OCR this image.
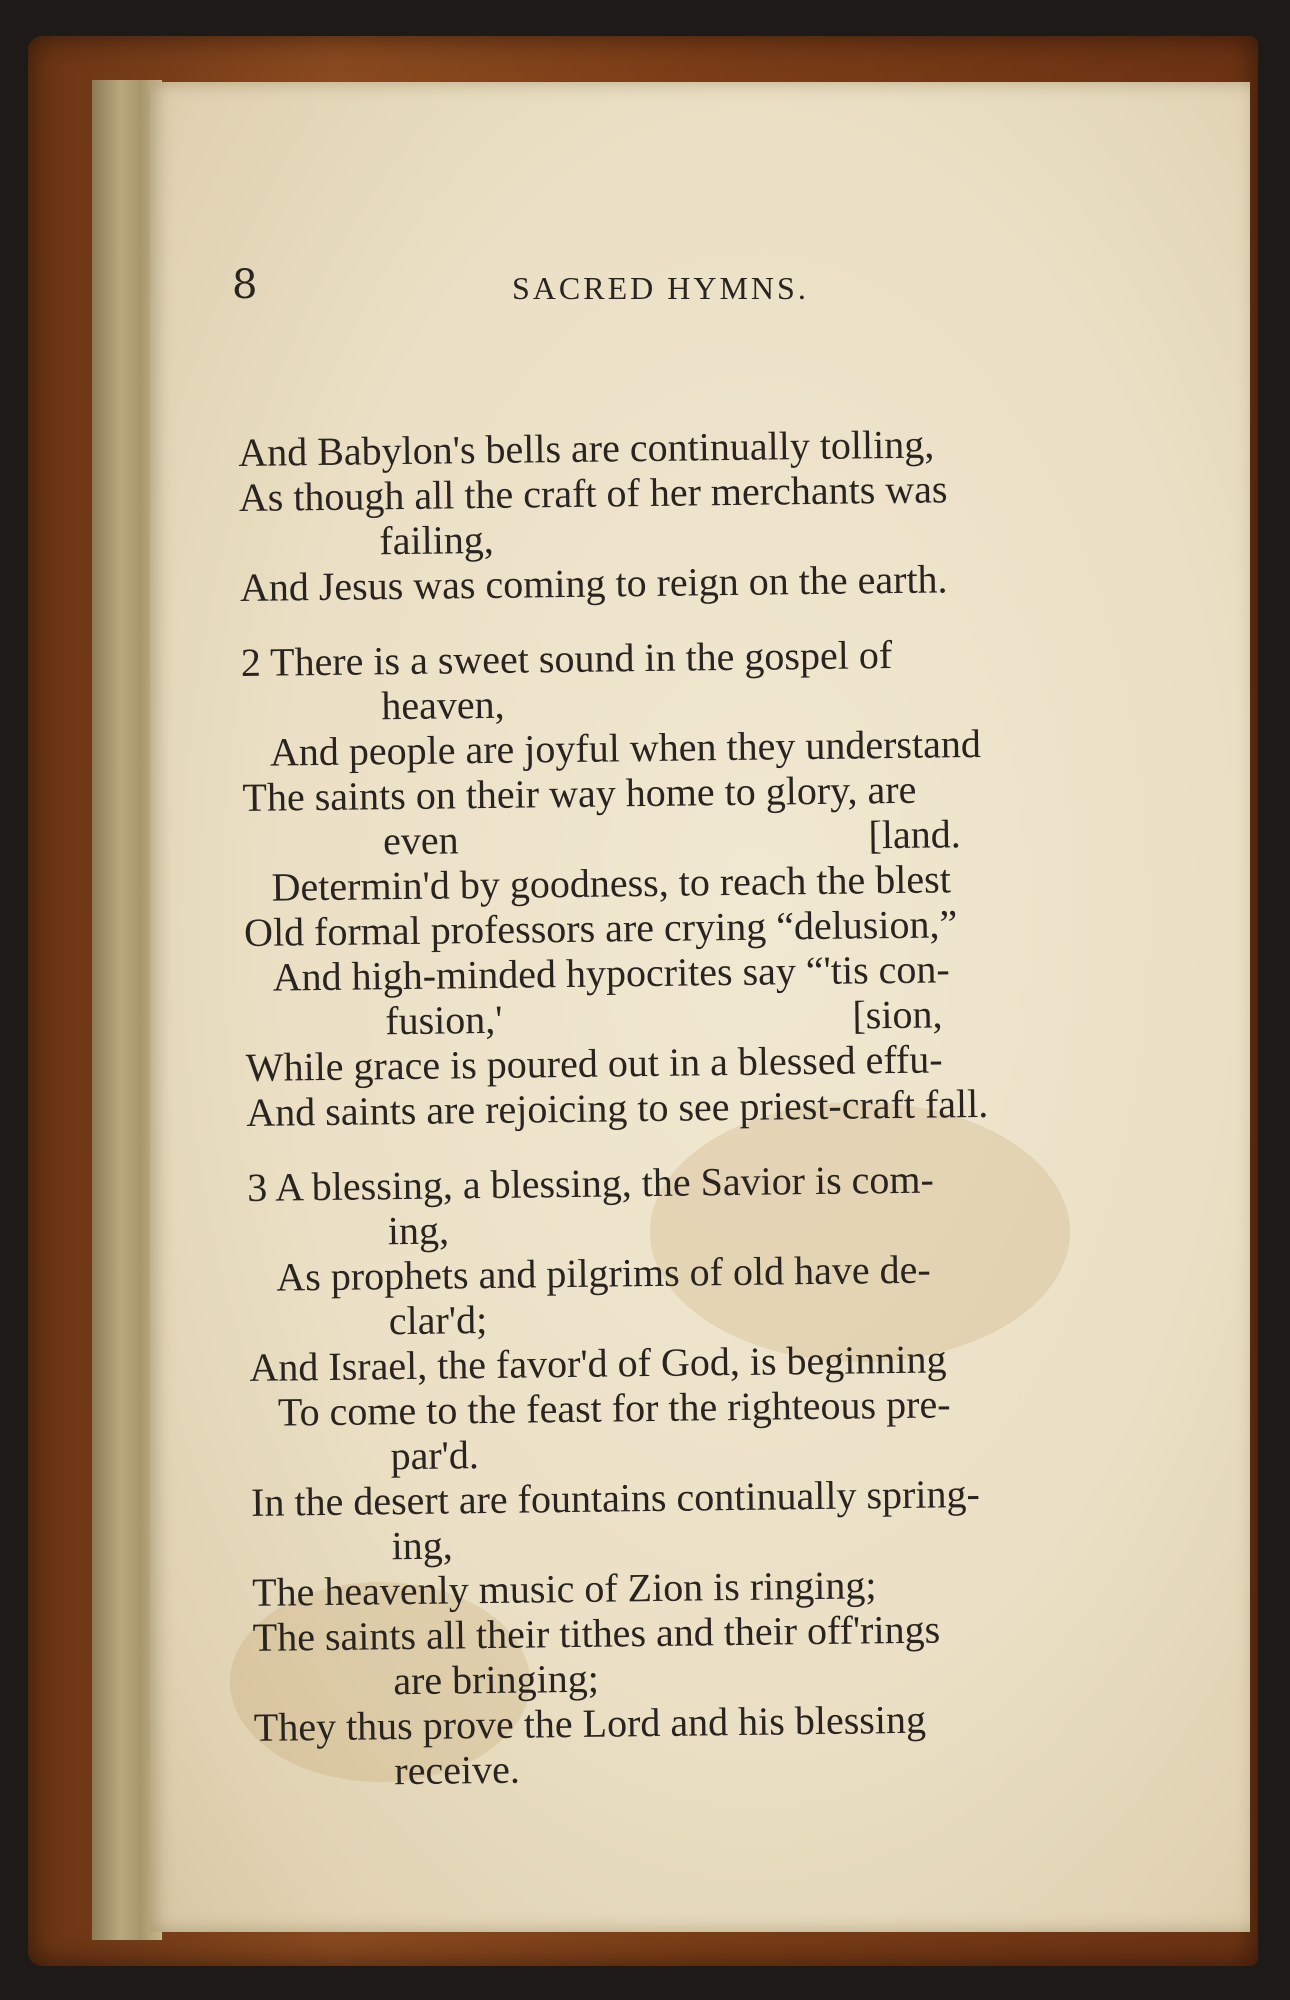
8	SACRED HYMNS.
And Babylon's bells are continually tolling,
As though all the craft of her merchants was
failing,
And Jesus was coming to reign on the earth.
2 There is a sweet sound in the gospel of
heaven,
And people are joyful when they understand
The saints on their way home to glory, are
even	[land.
Determin'd by goodness, to reach the blest
Old formal professors are crying “delusion,”
And high-minded hypocrites say “'tis con-
fusion,'	[sion,
While grace is poured out in a blessed effu-
And saints are rejoicing to see priest-craft fall.
3 A blessing, a blessing, the Savior is com-
ing,
As prophets and pilgrims of old have de-
clar'd;
And Israel, the favor'd of God, is beginning
To come to the feast for the righteous pre-
par'd.
In the desert are fountains continually spring-
ing,
The heavenly music of Zion is ringing;
The saints all their tithes and their off'rings
are bringing;
They thus prove the Lord and his blessing
receive.
